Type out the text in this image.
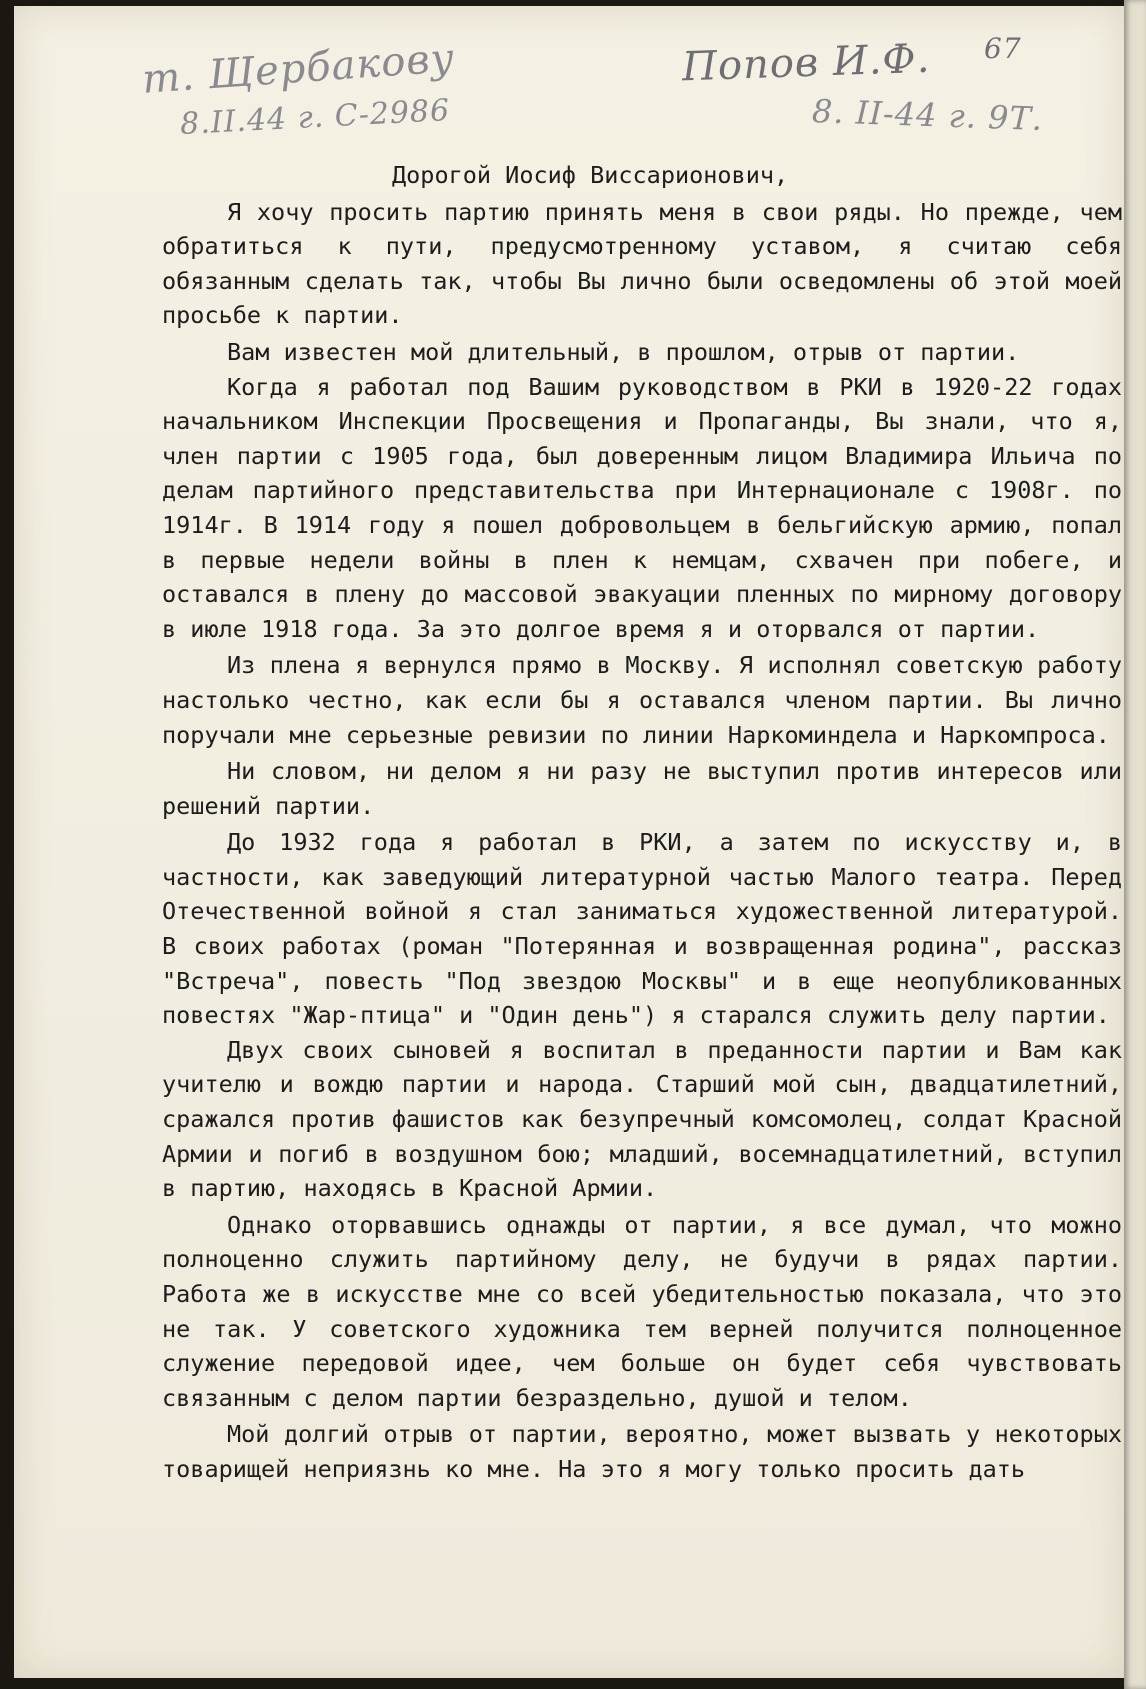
т. Щербакову
8.II.44 г. С-2986
Попов И.Ф.
8. II-44 г. 9Т.
67

Дорогой Иосиф Виссарионович,

Я хочу просить партию принять меня в свои ряды. Но прежде, чем обратиться к пути, предусмотренному уставом, я считаю себя обязанным сделать так, чтобы Вы лично были осведомлены об этой моей просьбе к партии.

Вам известен мой длительный, в прошлом, отрыв от партии.

Когда я работал под Вашим руководством в РКИ в 1920-22 годах начальником Инспекции Просвещения и Пропаганды, Вы знали, что я, член партии с 1905 года, был доверенным лицом Владимира Ильича по делам партийного представительства при Интернационале с 1908г. по 1914г. В 1914 году я пошел добровольцем в бельгийскую армию, попал в первые недели войны в плен к немцам, схвачен при побеге, и оставался в плену до массовой эвакуации пленных по мирному договору в июле 1918 года. За это долгое время я и оторвался от партии.

Из плена я вернулся прямо в Москву. Я исполнял советскую работу настолько честно, как если бы я оставался членом партии. Вы лично поручали мне серьезные ревизии по линии Наркоминдела и Наркомпроса.

Ни словом, ни делом я ни разу не выступил против интересов или решений партии.

До 1932 года я работал в РКИ, а затем по искусству и, в частности, как заведующий литературной частью Малого театра. Перед Отечественной войной я стал заниматься художественной литературой. В своих работах (роман "Потерянная и возвращенная родина", рассказ "Встреча", повесть "Под звездою Москвы" и в еще неопубликованных повестях "Жар-птица" и "Один день") я старался служить делу партии.

Двух своих сыновей я воспитал в преданности партии и Вам как учителю и вождю партии и народа. Старший мой сын, двадцатилетний, сражался против фашистов как безупречный комсомолец, солдат Красной Армии и погиб в воздушном бою; младший, восемнадцатилетний, вступил в партию, находясь в Красной Армии.

Однако оторвавшись однажды от партии, я все думал, что можно полноценно служить партийному делу, не будучи в рядах партии. Работа же в искусстве мне со всей убедительностью показала, что это не так. У советского художника тем верней получится полноценное служение передовой идее, чем больше он будет себя чувствовать связанным с делом партии безраздельно, душой и телом.

Мой долгий отрыв от партии, вероятно, может вызвать у некоторых товарищей неприязнь ко мне. На это я могу только просить дать
